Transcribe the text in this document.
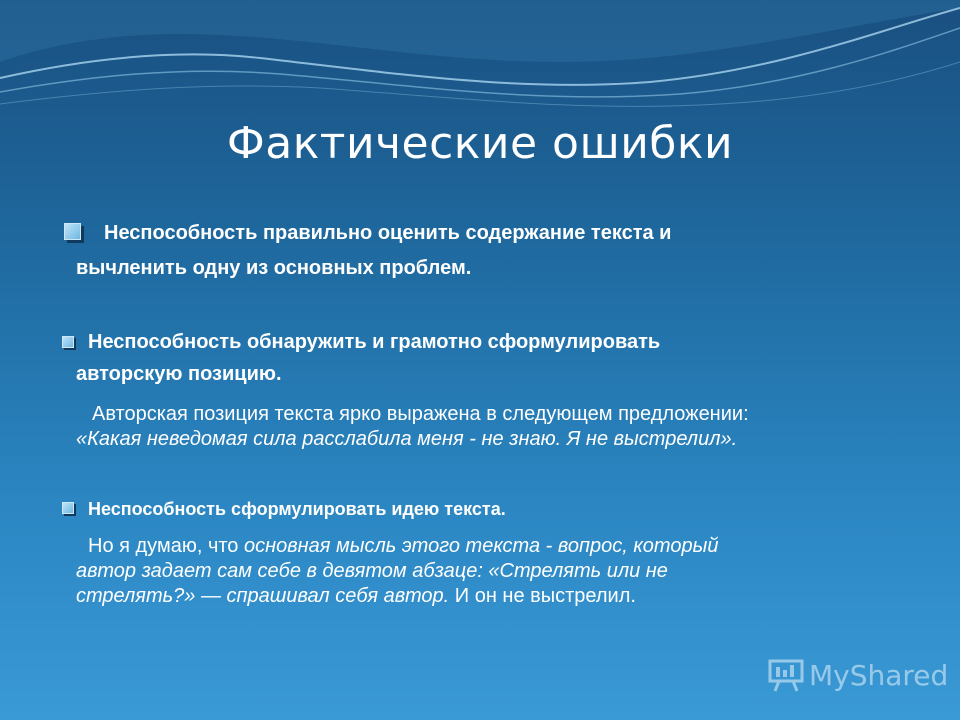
Фактические ошибки
Неспособность правильно оценить содержание текста и
вычленить одну из основных проблем.
Неспособность обнаружить и грамотно сформулировать
авторскую позицию.
Авторская позиция текста ярко выражена в следующем предложении:
«Какая неведомая сила расслабила меня - не знаю. Я не выстрелил».
Неспособность сформулировать идею текста.
Но я думаю, что основная мысль этого текста - вопрос, который
автор задает сам себе в девятом абзаце: «Стрелять или не
стрелять?» — спрашивал себя автор. И он не выстрелил.
MyShared
